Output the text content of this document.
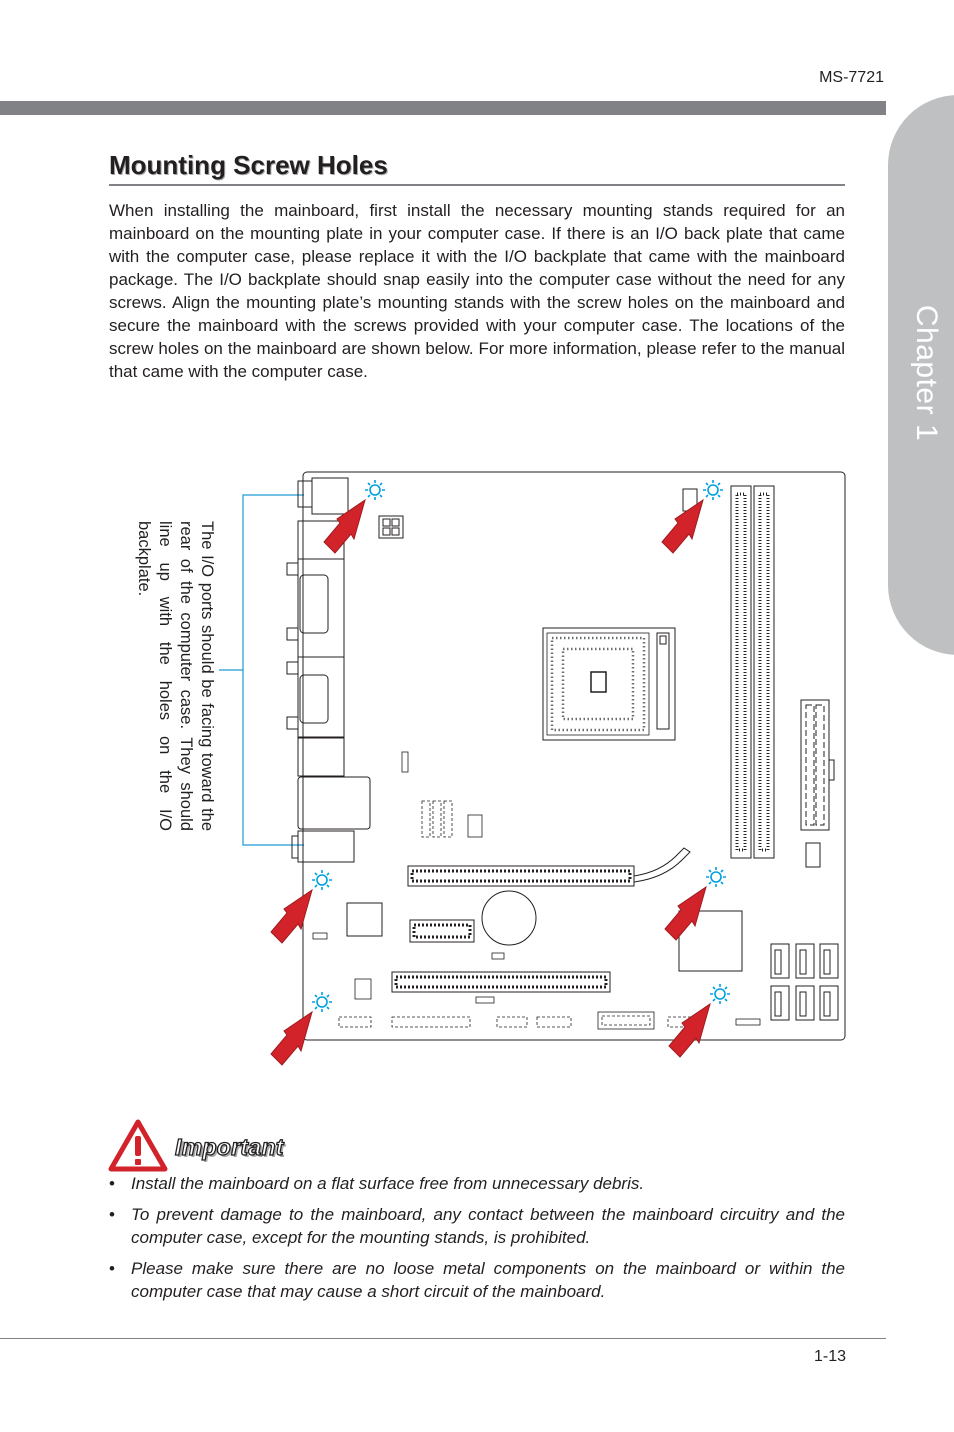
MS-7721
Chapter 1
Mounting Screw Holes

When installing the mainboard, first install the necessary mounting stands required for an mainboard on the mounting plate in your computer case. If there is an I/O back plate that came with the computer case, please replace it with the I/O backplate that came with the mainboard package. The I/O backplate should snap easily into the computer case without the need for any screws. Align the mounting plate’s mounting stands with the screw holes on the mainboard and secure the mainboard with the screws provided with your computer case. The locations of the screw holes on the mainboard are shown below. For more information, please refer to the manual that came with the computer case.

The I/O ports should be facing toward the rear of the computer case. They should line up with the holes on the I/O backplate.
Important
• Install the mainboard on a flat surface free from unnecessary debris.
• To prevent damage to the mainboard, any contact between the mainboard circuitry and the computer case, except for the mounting stands, is prohibited.
• Please make sure there are no loose metal components on the mainboard or within the computer case that may cause a short circuit of the mainboard.
1-13
